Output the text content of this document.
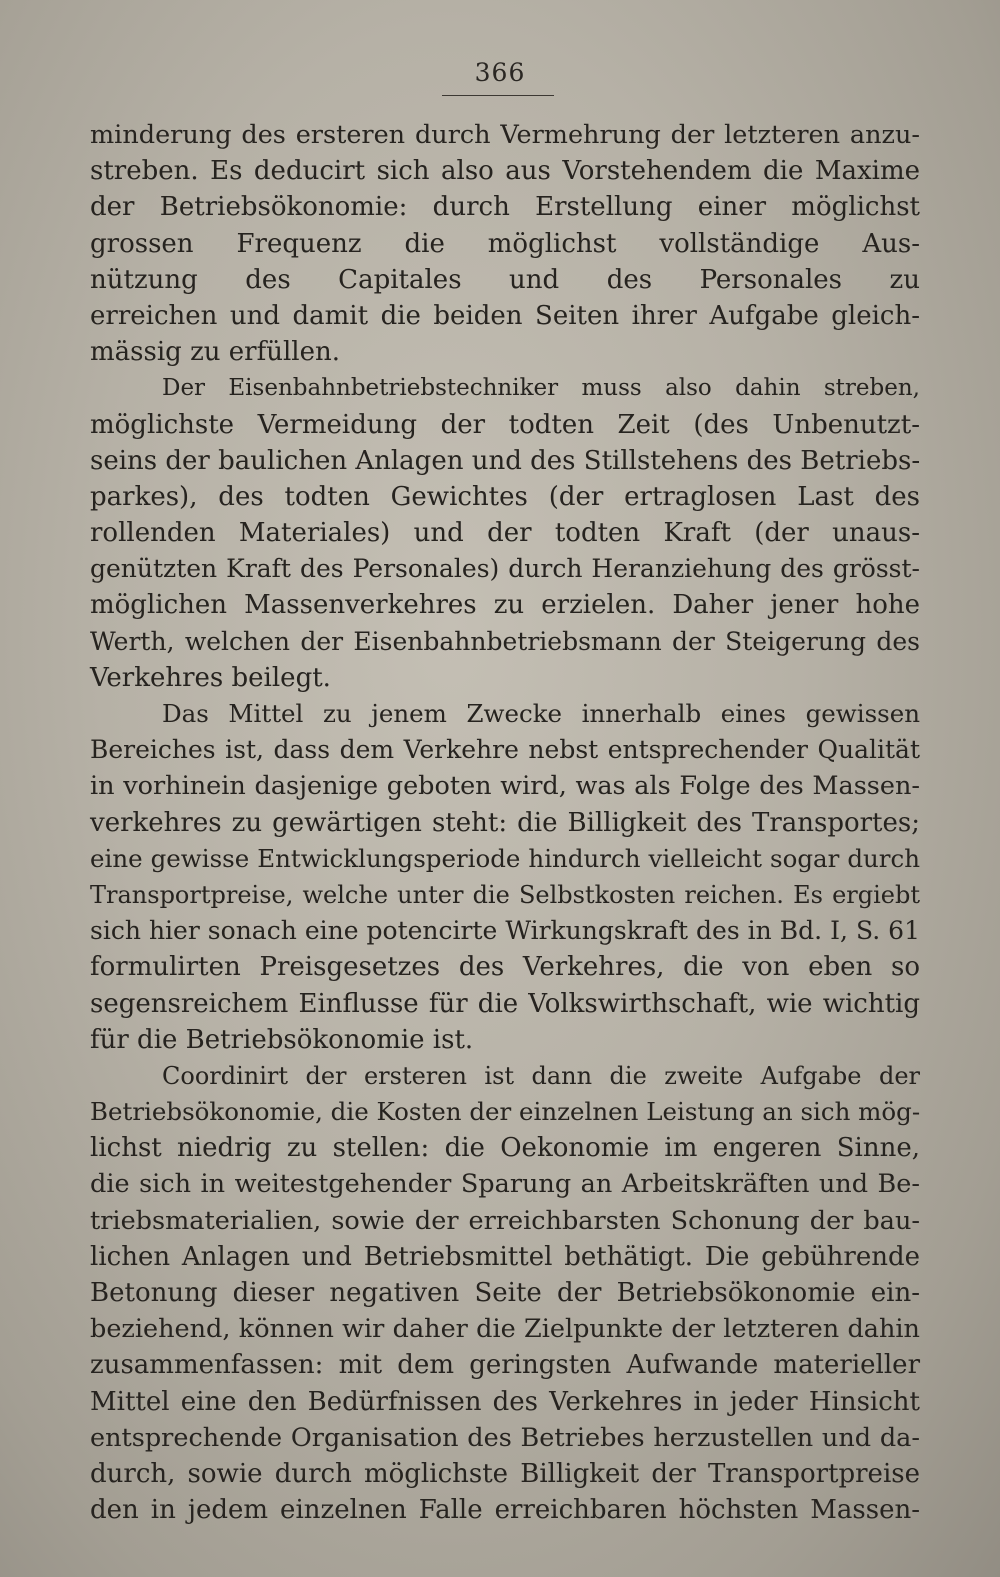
366
minderung des ersteren durch Vermehrung der letzteren anzu-
streben. Es deducirt sich also aus Vorstehendem die Maxime
der Betriebsökonomie: durch Erstellung einer möglichst
grossen Frequenz die möglichst vollständige Aus-
nützung des Capitales und des Personales zu
erreichen und damit die beiden Seiten ihrer Aufgabe gleich-
mässig zu erfüllen.
Der Eisenbahnbetriebstechniker muss also dahin streben,
möglichste Vermeidung der todten Zeit (des Unbenutzt-
seins der baulichen Anlagen und des Stillstehens des Betriebs-
parkes), des todten Gewichtes (der ertraglosen Last des
rollenden Materiales) und der todten Kraft (der unaus-
genützten Kraft des Personales) durch Heranziehung des grösst-
möglichen Massenverkehres zu erzielen. Daher jener hohe
Werth, welchen der Eisenbahnbetriebsmann der Steigerung des
Verkehres beilegt.
Das Mittel zu jenem Zwecke innerhalb eines gewissen
Bereiches ist, dass dem Verkehre nebst entsprechender Qualität
in vorhinein dasjenige geboten wird, was als Folge des Massen-
verkehres zu gewärtigen steht: die Billigkeit des Transportes;
eine gewisse Entwicklungsperiode hindurch vielleicht sogar durch
Transportpreise, welche unter die Selbstkosten reichen. Es ergiebt
sich hier sonach eine potencirte Wirkungskraft des in Bd. I, S. 61
formulirten Preisgesetzes des Verkehres, die von eben so
segensreichem Einflusse für die Volkswirthschaft, wie wichtig
für die Betriebsökonomie ist.
Coordinirt der ersteren ist dann die zweite Aufgabe der
Betriebsökonomie, die Kosten der einzelnen Leistung an sich mög-
lichst niedrig zu stellen: die Oekonomie im engeren Sinne,
die sich in weitestgehender Sparung an Arbeitskräften und Be-
triebsmaterialien, sowie der erreichbarsten Schonung der bau-
lichen Anlagen und Betriebsmittel bethätigt. Die gebührende
Betonung dieser negativen Seite der Betriebsökonomie ein-
beziehend, können wir daher die Zielpunkte der letzteren dahin
zusammenfassen: mit dem geringsten Aufwande materieller
Mittel eine den Bedürfnissen des Verkehres in jeder Hinsicht
entsprechende Organisation des Betriebes herzustellen und da-
durch, sowie durch möglichste Billigkeit der Transportpreise
den in jedem einzelnen Falle erreichbaren höchsten Massen-
